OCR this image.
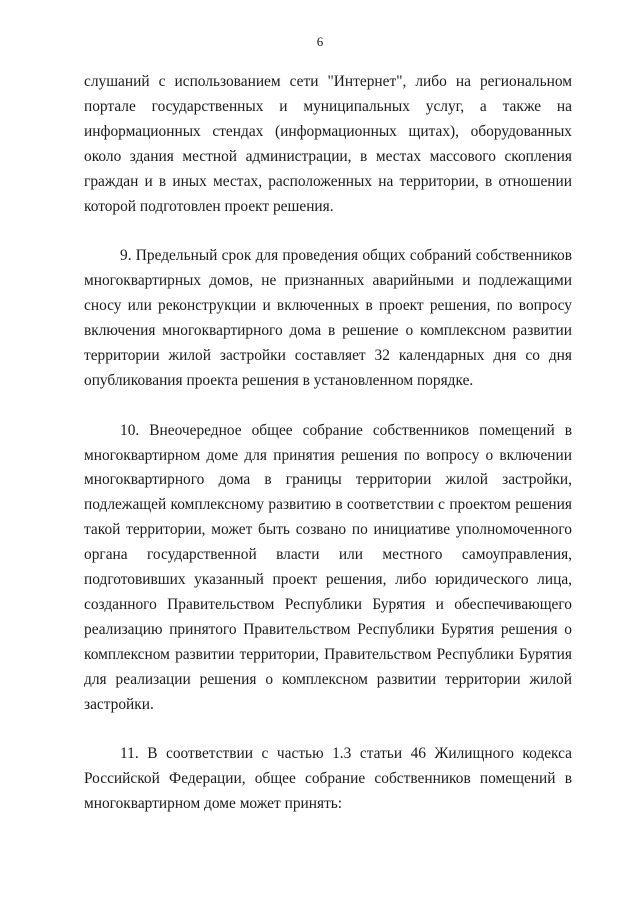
6

слушаний с использованием сети "Интернет", либо на региональном портале государственных и муниципальных услуг, а также на информационных стендах (информационных щитах), оборудованных около здания местной администрации, в местах массового скопления граждан и в иных местах, расположенных на территории, в отношении которой подготовлен проект решения.

9. Предельный срок для проведения общих собраний собственников многоквартирных домов, не признанных аварийными и подлежащими сносу или реконструкции и включенных в проект решения, по вопросу включения многоквартирного дома в решение о комплексном развитии территории жилой застройки составляет 32 календарных дня со дня опубликования проекта решения в установленном порядке.

10. Внеочередное общее собрание собственников помещений в многоквартирном доме для принятия решения по вопросу о включении многоквартирного дома в границы территории жилой застройки, подлежащей комплексному развитию в соответствии с проектом решения такой территории, может быть созвано по инициативе уполномоченного органа государственной власти или местного самоуправления, подготовивших указанный проект решения, либо юридического лица, созданного Правительством Республики Бурятия и обеспечивающего реализацию принятого Правительством Республики Бурятия решения о комплексном развитии территории, Правительством Республики Бурятия для реализации решения о комплексном развитии территории жилой застройки.

11. В соответствии с частью 1.3 статьи 46 Жилищного кодекса Российской Федерации, общее собрание собственников помещений в многоквартирном доме может принять:
